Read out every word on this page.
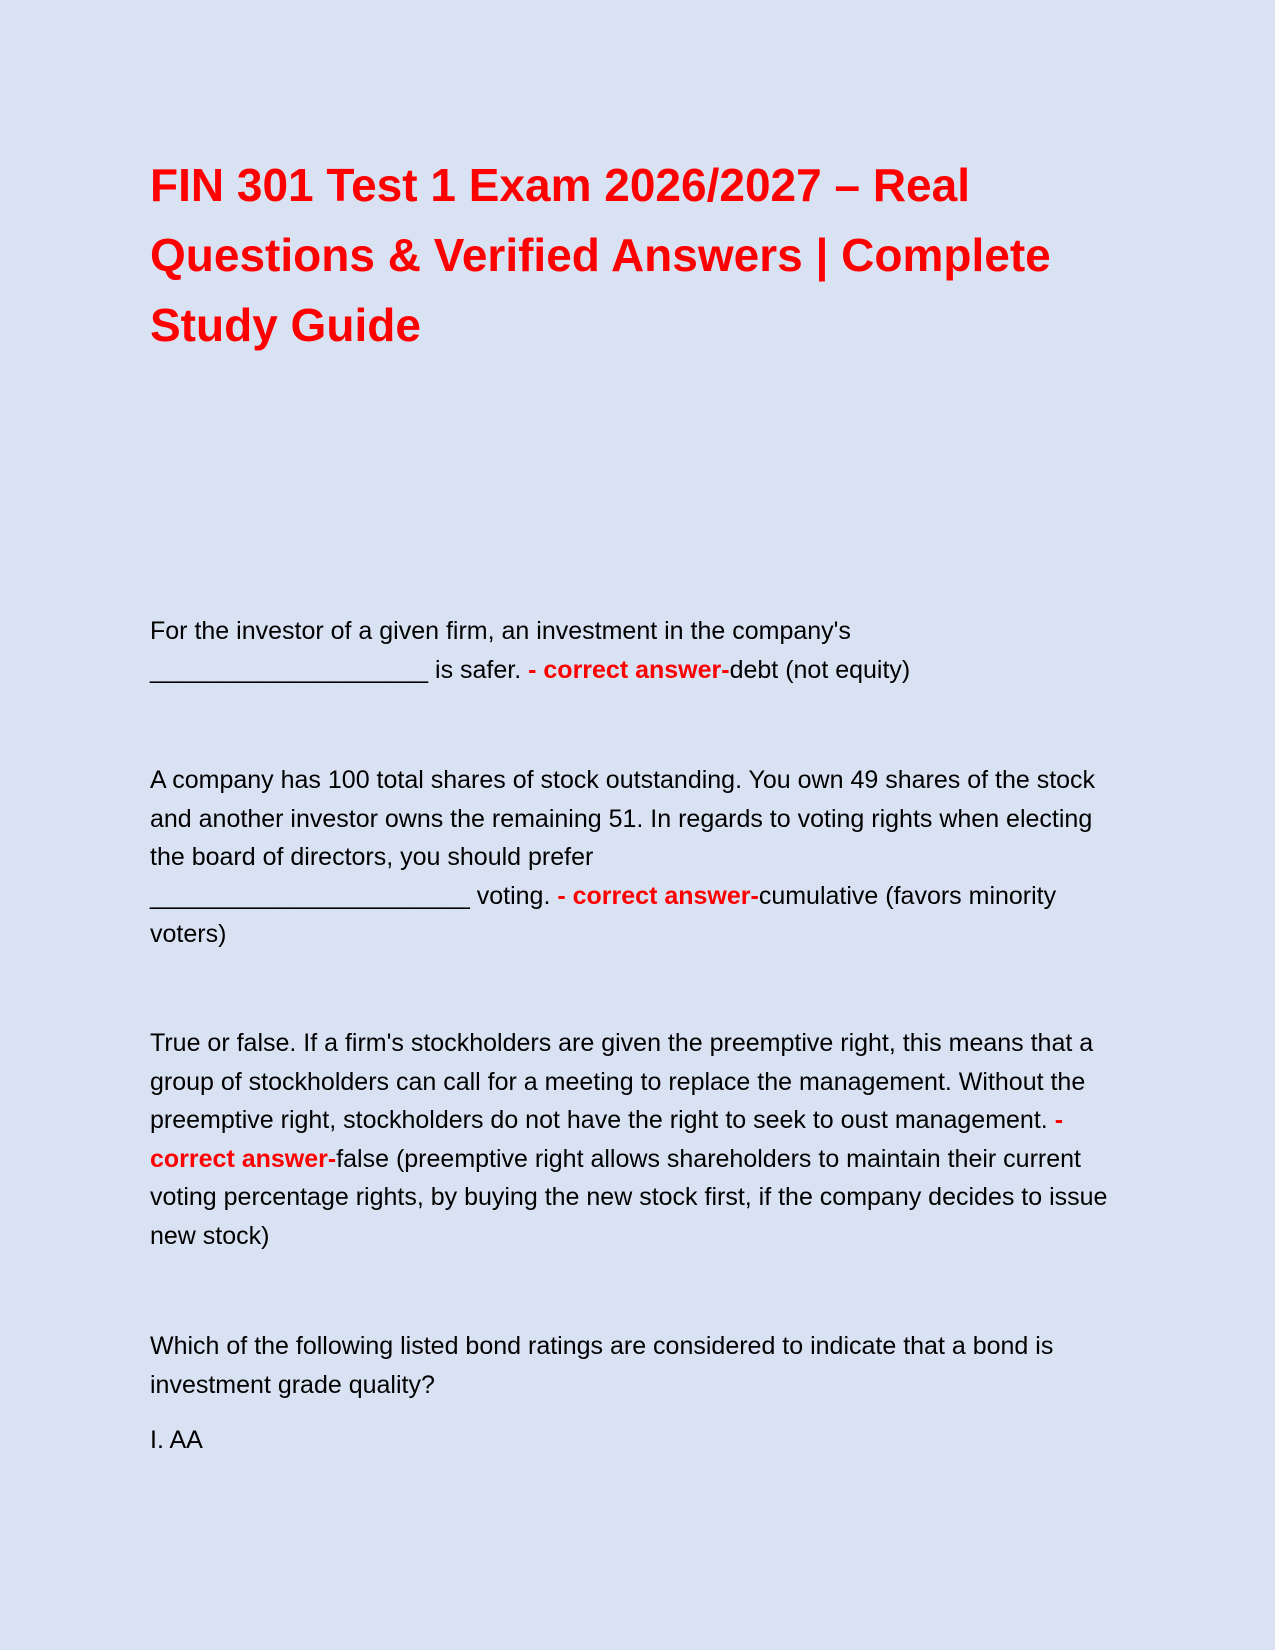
FIN 301 Test 1 Exam 2026/2027 – Real Questions & Verified Answers | Complete Study Guide

For the investor of a given firm, an investment in the company's
____________________ is safer. - correct answer-debt (not equity)

A company has 100 total shares of stock outstanding. You own 49 shares of the stock and another investor owns the remaining 51. In regards to voting rights when electing the board of directors, you should prefer
_______________________ voting. - correct answer-cumulative (favors minority voters)

True or false. If a firm's stockholders are given the preemptive right, this means that a group of stockholders can call for a meeting to replace the management. Without the preemptive right, stockholders do not have the right to seek to oust management. - correct answer-false (preemptive right allows shareholders to maintain their current voting percentage rights, by buying the new stock first, if the company decides to issue new stock)

Which of the following listed bond ratings are considered to indicate that a bond is investment grade quality?

I. AA
